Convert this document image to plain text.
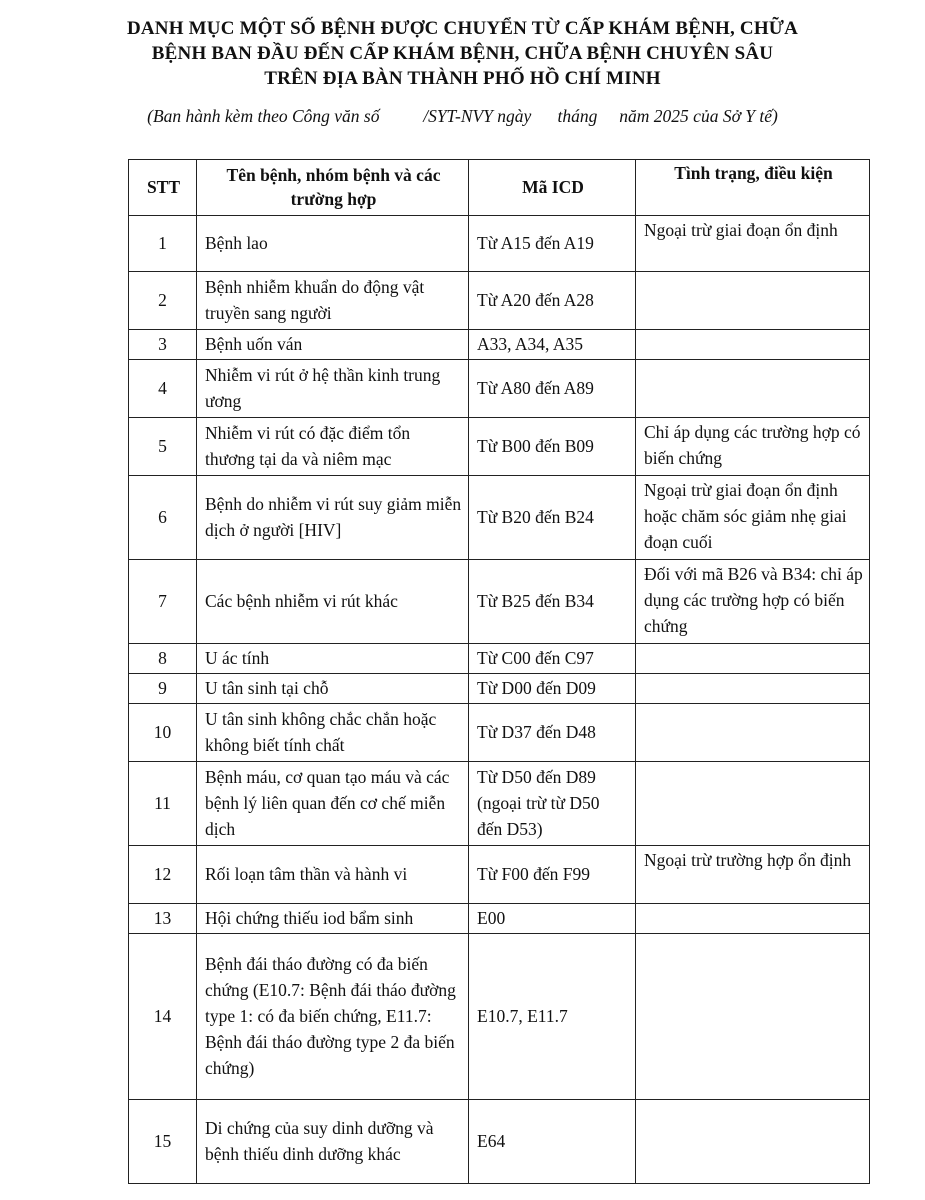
DANH MỤC MỘT SỐ BỆNH ĐƯỢC CHUYỂN TỪ CẤP KHÁM BỆNH, CHỮA
BỆNH BAN ĐẦU ĐẾN CẤP KHÁM BỆNH, CHỮA BỆNH CHUYÊN SÂU
TRÊN ĐỊA BÀN THÀNH PHỐ HỒ CHÍ MINH
(Ban hành kèm theo Công văn số          /SYT-NVY ngày      tháng     năm 2025 của Sở Y tế)
STT	Tên bệnh, nhóm bệnh và các trường hợp	Mã ICD	Tình trạng, điều kiện
1	Bệnh lao	Từ A15 đến A19	Ngoại trừ giai đoạn ổn định
2	Bệnh nhiễm khuẩn do động vật truyền sang người	Từ A20 đến A28	
3	Bệnh uốn ván	A33, A34, A35	
4	Nhiễm vi rút ở hệ thần kinh trung ương	Từ A80 đến A89	
5	Nhiễm vi rút có đặc điểm tổn thương tại da và niêm mạc	Từ B00 đến B09	Chỉ áp dụng các trường hợp có biến chứng
6	Bệnh do nhiễm vi rút suy giảm miễn dịch ở người [HIV]	Từ B20 đến B24	Ngoại trừ giai đoạn ổn định hoặc chăm sóc giảm nhẹ giai đoạn cuối
7	Các bệnh nhiễm vi rút khác	Từ B25 đến B34	Đối với mã B26 và B34: chỉ áp dụng các trường hợp có biến chứng
8	U ác tính	Từ C00 đến C97	
9	U tân sinh tại chỗ	Từ D00 đến D09	
10	U tân sinh không chắc chắn hoặc không biết tính chất	Từ D37 đến D48	
11	Bệnh máu, cơ quan tạo máu và các bệnh lý liên quan đến cơ chế miễn dịch	Từ D50 đến D89 (ngoại trừ từ D50 đến D53)	
12	Rối loạn tâm thần và hành vi	Từ F00 đến F99	Ngoại trừ trường hợp ổn định
13	Hội chứng thiếu iod bẩm sinh	E00	
14	Bệnh đái tháo đường có đa biến chứng (E10.7: Bệnh đái tháo đường type 1: có đa biến chứng, E11.7: Bệnh đái tháo đường type 2 đa biến chứng)	E10.7, E11.7	
15	Di chứng của suy dinh dưỡng và bệnh thiếu dinh dưỡng khác	E64	
